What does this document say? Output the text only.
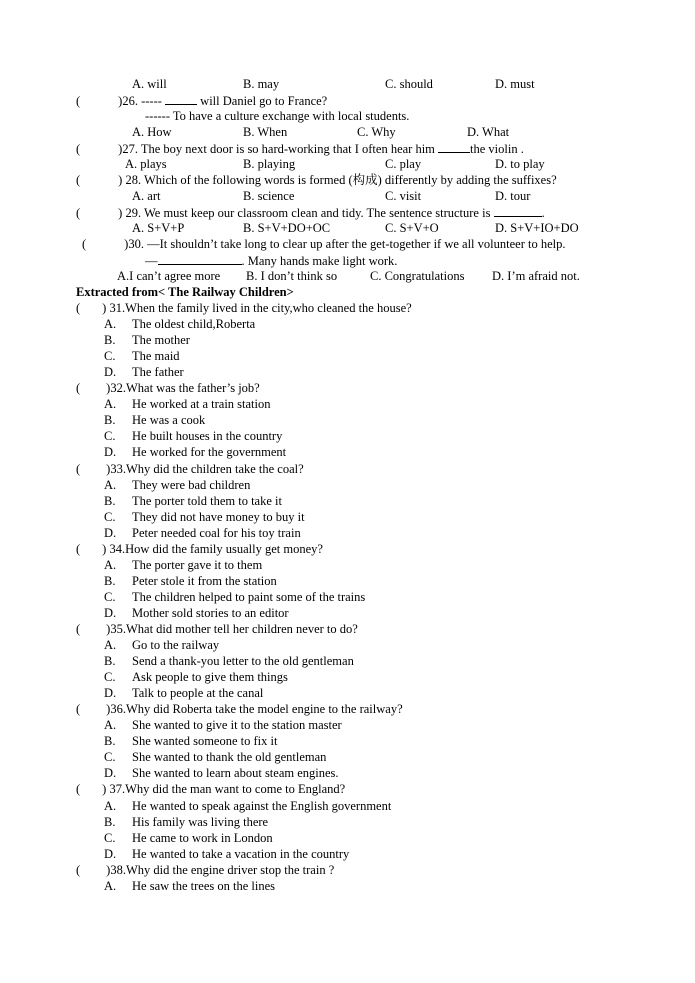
A. will	B. may	C. should	D. must
(	)26. -----	will Daniel go to France?
------ To have a culture exchange with local students.
A. How	B. When	C. Why	D. What
(	)27. The boy next door is so hard-working that I often hear him	the violin .
A. plays	B. playing	C. play	D. to play
(	) 28. Which of the following words is formed (构成) differently by adding the suffixes?
A. art	B. science	C. visit	D. tour
(	) 29. We must keep our classroom clean and tidy. The sentence structure is	.
A. S+V+P	B. S+V+DO+OC	C. S+V+O	D. S+V+IO+DO
(	)30. —It shouldn’t take long to clear up after the get-together if we all volunteer to help.
—	. Many hands make light work.
A.I can’t agree more B. I don’t think so	C. Congratulations D. I’m afraid not.
Extracted from< The Railway Children>
( ) 31.When the family lived in the city,who cleaned the house?
A. The oldest child,Roberta
B. The mother
C. The maid
D. The father
( )32.What was the father’s job?
A. He worked at a train station
B. He was a cook
C. He built houses in the country
D. He worked for the government
( )33.Why did the children take the coal?
A. They were bad children
B. The porter told them to take it
C. They did not have money to buy it
D. Peter needed coal for his toy train
( ) 34.How did the family usually get money?
A. The porter gave it to them
B. Peter stole it from the station
C. The children helped to paint some of the trains
D. Mother sold stories to an editor
( )35.What did mother tell her children never to do?
A. Go to the railway
B. Send a thank-you letter to the old gentleman
C. Ask people to give them things
D. Talk to people at the canal
( )36.Why did Roberta take the model engine to the railway?
A. She wanted to give it to the station master
B. She wanted someone to fix it
C. She wanted to thank the old gentleman
D. She wanted to learn about steam engines.
( ) 37.Why did the man want to come to England?
A. He wanted to speak against the English government
B. His family was living there
C. He came to work in London
D. He wanted to take a vacation in the country
( )38.Why did the engine driver stop the train ?
A. He saw the trees on the lines
